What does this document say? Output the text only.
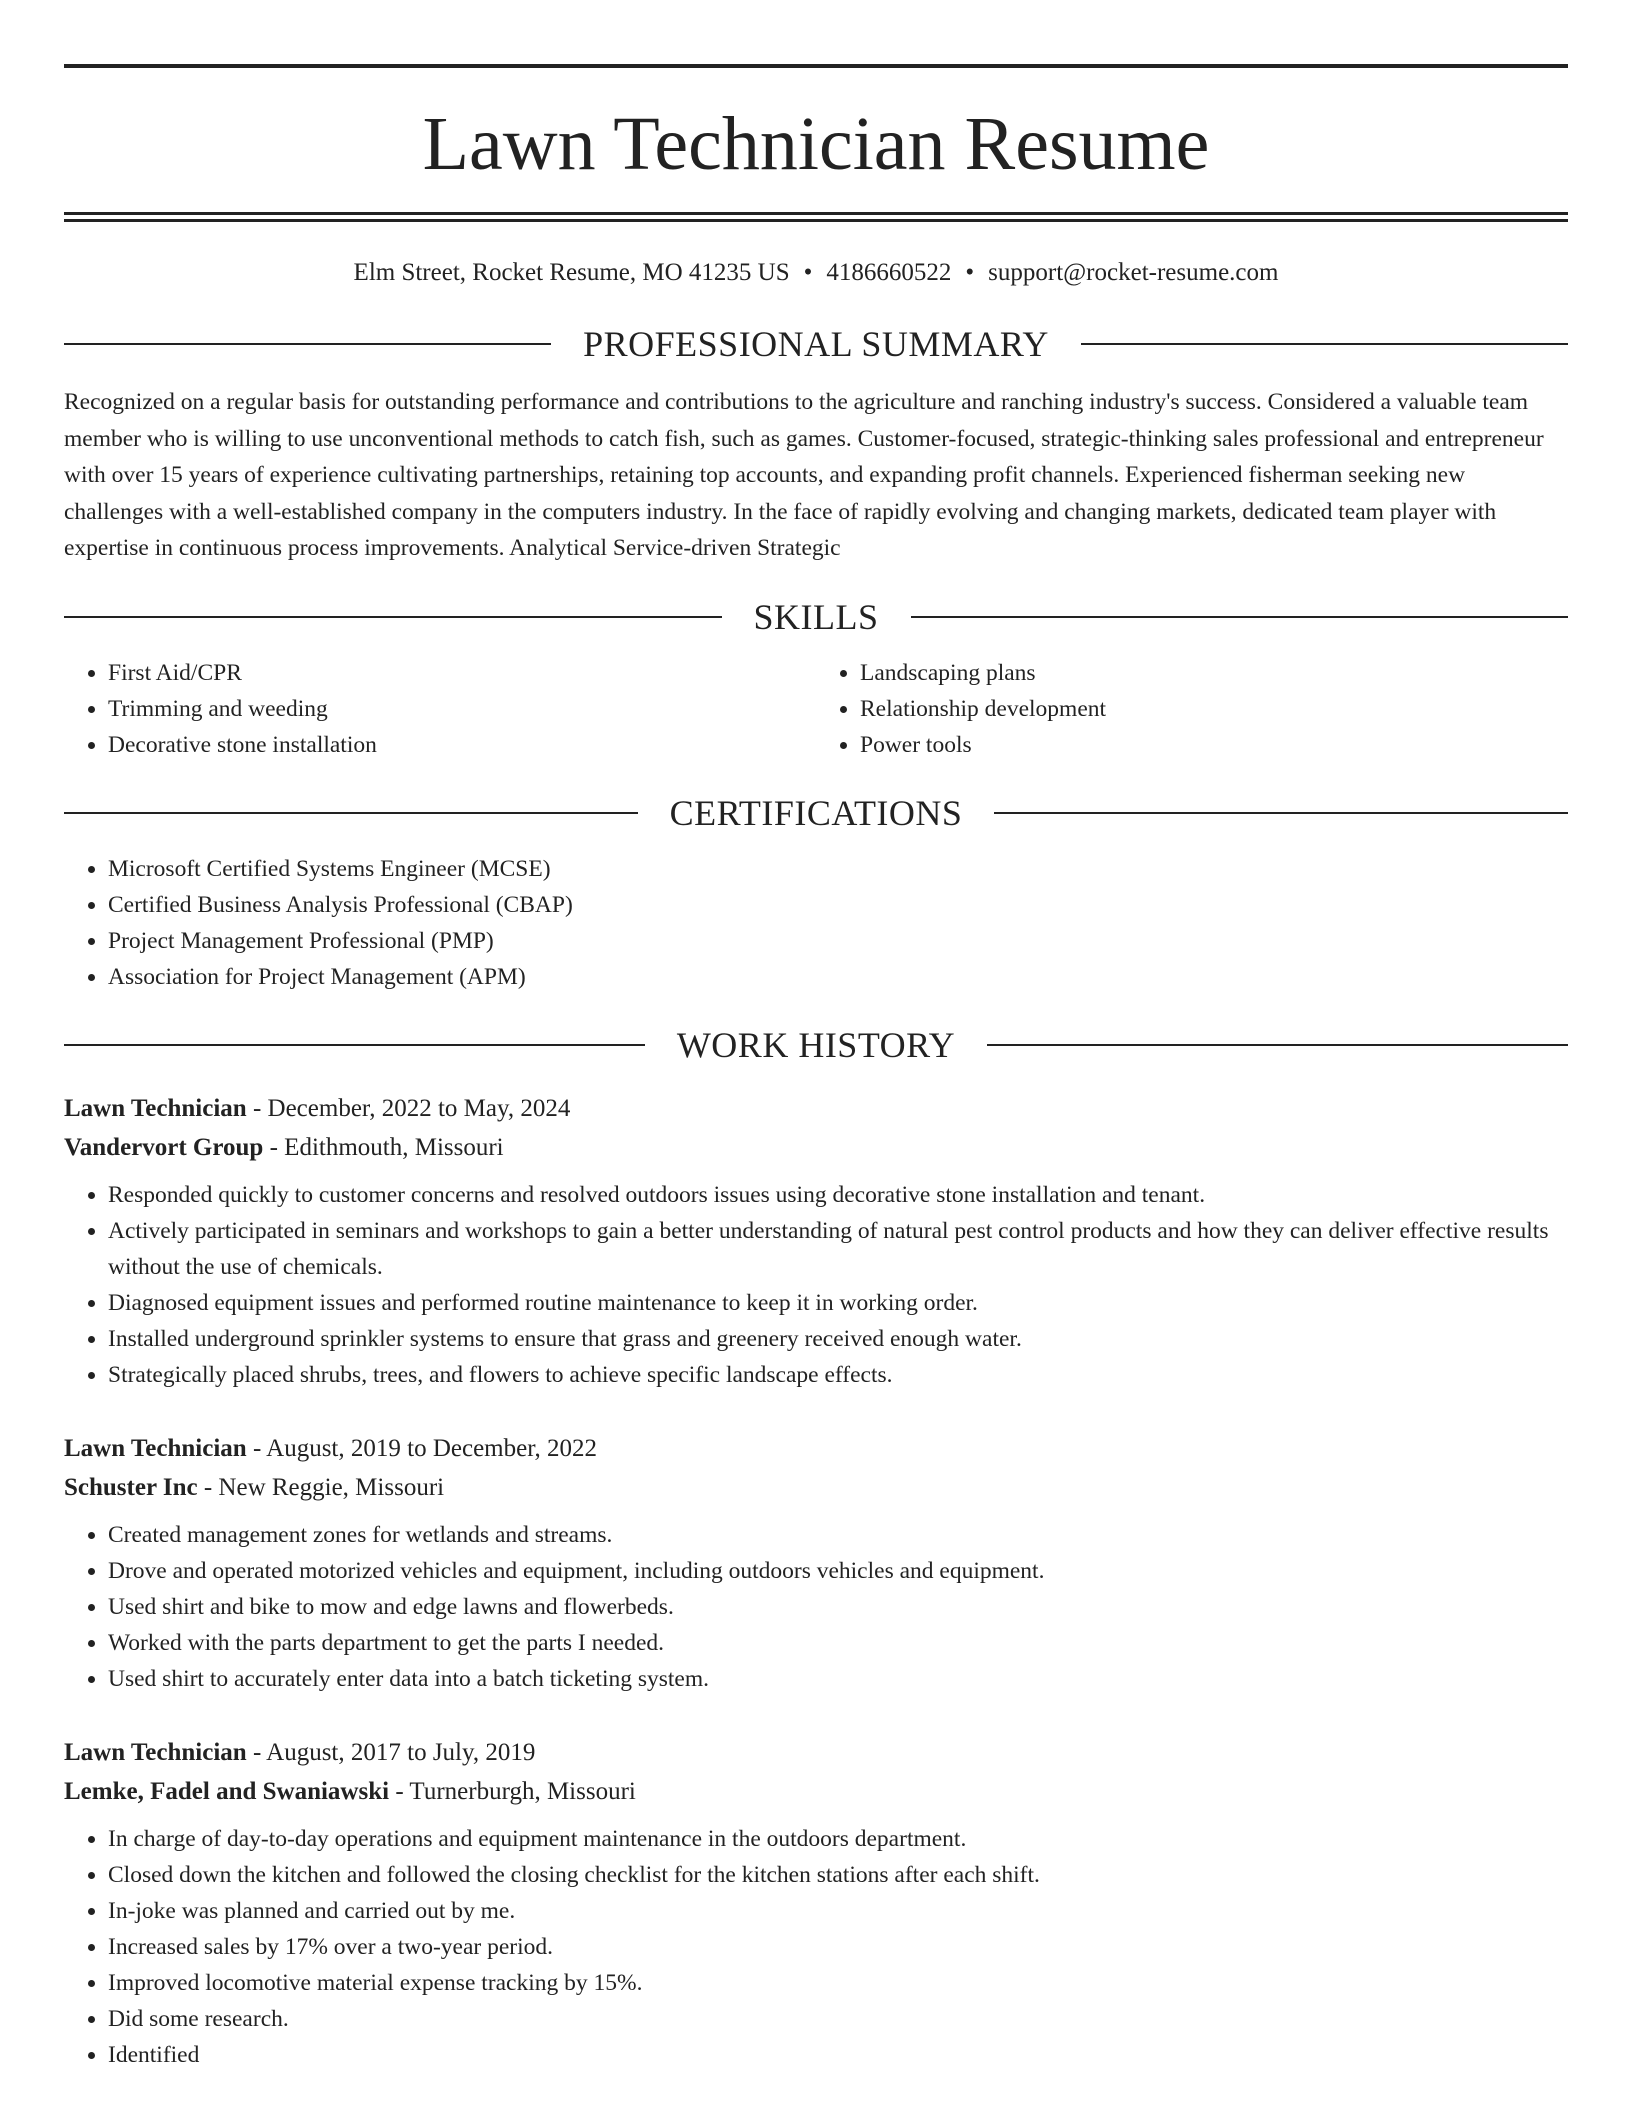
Lawn Technician Resume
Elm Street, Rocket Resume, MO 41235 US • 4186660522 • support@rocket-resume.com
PROFESSIONAL SUMMARY
Recognized on a regular basis for outstanding performance and contributions to the agriculture and ranching industry's success. Considered a valuable team member who is willing to use unconventional methods to catch fish, such as games. Customer-focused, strategic-thinking sales professional and entrepreneur with over 15 years of experience cultivating partnerships, retaining top accounts, and expanding profit channels. Experienced fisherman seeking new challenges with a well-established company in the computers industry. In the face of rapidly evolving and changing markets, dedicated team player with expertise in continuous process improvements. Analytical Service-driven Strategic
SKILLS
• First Aid/CPR
• Trimming and weeding
• Decorative stone installation
• Landscaping plans
• Relationship development
• Power tools
CERTIFICATIONS
• Microsoft Certified Systems Engineer (MCSE)
• Certified Business Analysis Professional (CBAP)
• Project Management Professional (PMP)
• Association for Project Management (APM)
WORK HISTORY
Lawn Technician - December, 2022 to May, 2024
Vandervort Group - Edithmouth, Missouri
• Responded quickly to customer concerns and resolved outdoors issues using decorative stone installation and tenant.
• Actively participated in seminars and workshops to gain a better understanding of natural pest control products and how they can deliver effective results without the use of chemicals.
• Diagnosed equipment issues and performed routine maintenance to keep it in working order.
• Installed underground sprinkler systems to ensure that grass and greenery received enough water.
• Strategically placed shrubs, trees, and flowers to achieve specific landscape effects.
Lawn Technician - August, 2019 to December, 2022
Schuster Inc - New Reggie, Missouri
• Created management zones for wetlands and streams.
• Drove and operated motorized vehicles and equipment, including outdoors vehicles and equipment.
• Used shirt and bike to mow and edge lawns and flowerbeds.
• Worked with the parts department to get the parts I needed.
• Used shirt to accurately enter data into a batch ticketing system.
Lawn Technician - August, 2017 to July, 2019
Lemke, Fadel and Swaniawski - Turnerburgh, Missouri
• In charge of day-to-day operations and equipment maintenance in the outdoors department.
• Closed down the kitchen and followed the closing checklist for the kitchen stations after each shift.
• In-joke was planned and carried out by me.
• Increased sales by 17% over a two-year period.
• Improved locomotive material expense tracking by 15%.
• Did some research.
• Identified
